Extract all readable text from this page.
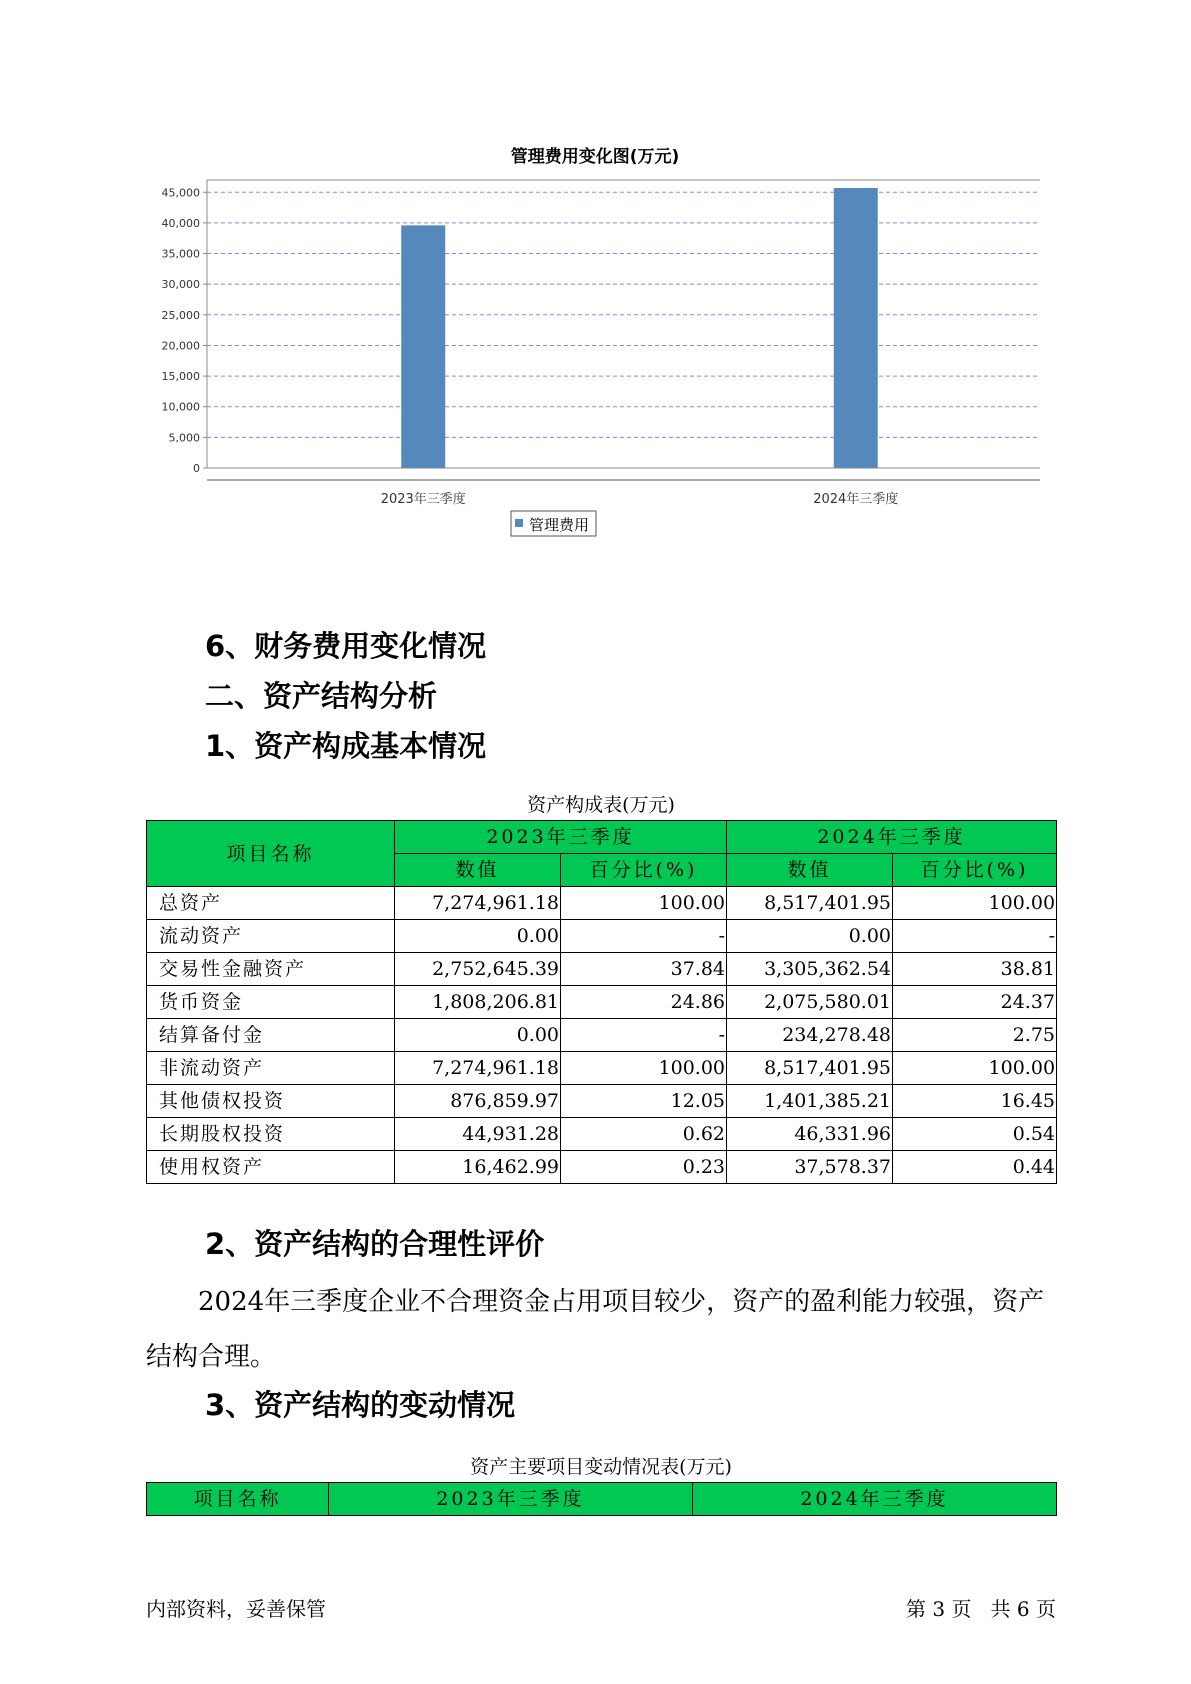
管理费用变化图(万元)
0
5,000
10,000
15,000
20,000
25,000
30,000
35,000
40,000
45,000
2023年三季度	2024年三季度
管理费用
6、财务费用变化情况
二、资产结构分析
1、资产构成基本情况
资产构成表(万元)
项目名称	2023年三季度		2024年三季度	
	数值	百分比(%)	数值	百分比(%)
总资产	7,274,961.18	100.00	8,517,401.95	100.00
流动资产	0.00	-	0.00	-
交易性金融资产	2,752,645.39	37.84	3,305,362.54	38.81
货币资金	1,808,206.81	24.86	2,075,580.01	24.37
结算备付金	0.00	-	234,278.48	2.75
非流动资产	7,274,961.18	100.00	8,517,401.95	100.00
其他债权投资	876,859.97	12.05	1,401,385.21	16.45
长期股权投资	44,931.28	0.62	46,331.96	0.54
使用权资产	16,462.99	0.23	37,578.37	0.44
2、资产结构的合理性评价

2024年三季度企业不合理资金占用项目较少，资产的盈利能力较强，资产结构合理。

3、资产结构的变动情况
资产主要项目变动情况表(万元)
项目名称	2023年三季度	2024年三季度
内部资料，妥善保管	第 3 页   共 6 页
